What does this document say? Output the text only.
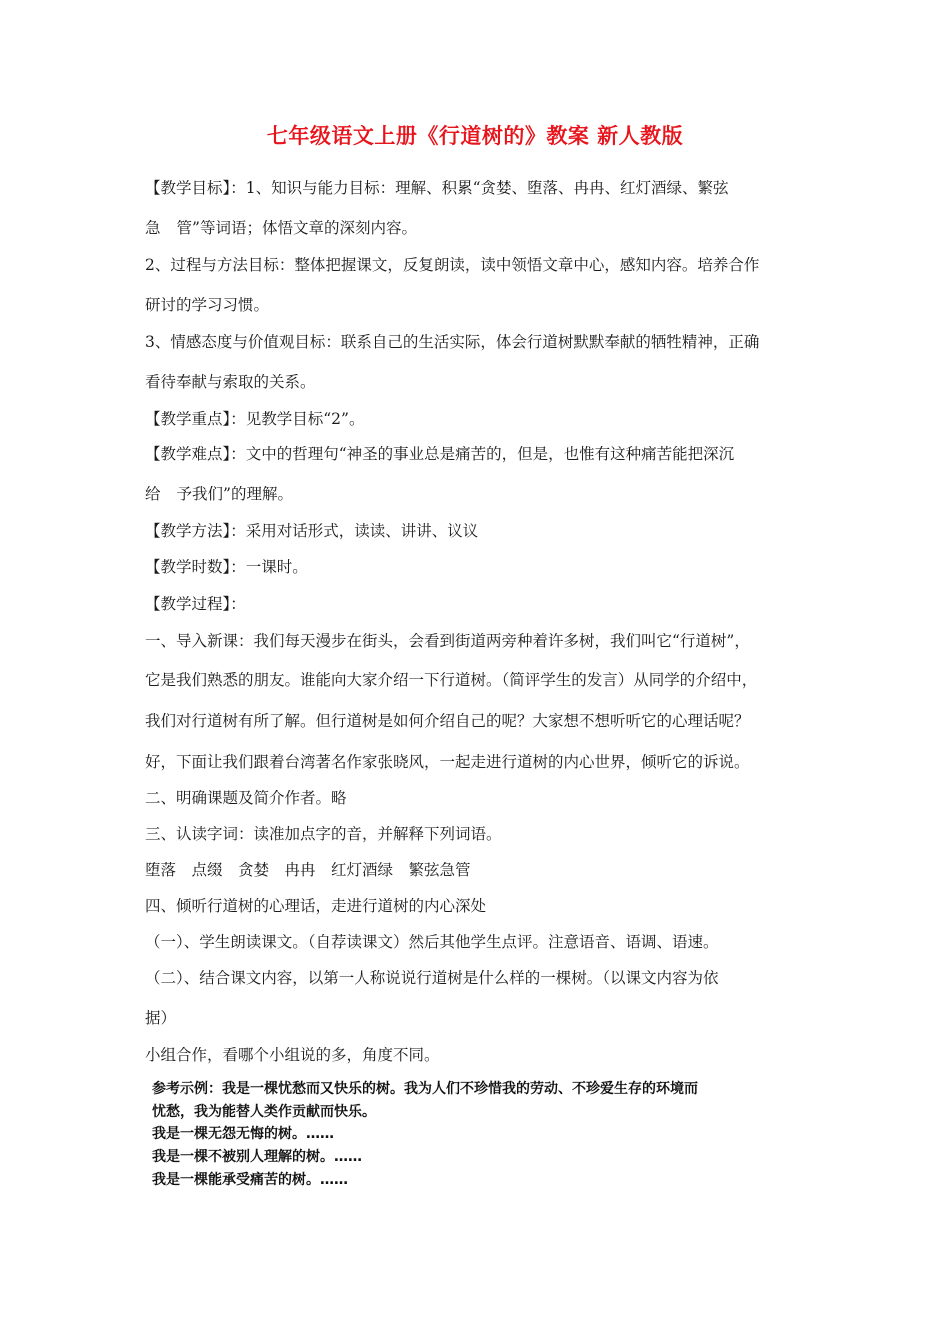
七年级语文上册《行道树的》教案 新人教版
【教学目标】：1、知识与能力目标：理解、积累“贪婪、堕落、冉冉、红灯酒绿、繁弦
急 管”等词语；体悟文章的深刻内容。
2、过程与方法目标：整体把握课文，反复朗读，读中领悟文章中心，感知内容。培养合作
研讨的学习习惯。
3、情感态度与价值观目标：联系自己的生活实际，体会行道树默默奉献的牺牲精神，正确
看待奉献与索取的关系。
【教学重点】：见教学目标“2”。
【教学难点】：文中的哲理句“神圣的事业总是痛苦的，但是，也惟有这种痛苦能把深沉
给 予我们”的理解。
【教学方法】：采用对话形式，读读、讲讲、议议
【教学时数】：一课时。
【教学过程】：
一、导入新课：我们每天漫步在街头，会看到街道两旁种着许多树，我们叫它“行道树”，
它是我们熟悉的朋友。谁能向大家介绍一下行道树。（简评学生的发言）从同学的介绍中，
我们对行道树有所了解。但行道树是如何介绍自己的呢？大家想不想听听它的心理话呢？
好，下面让我们跟着台湾著名作家张晓风，一起走进行道树的内心世界，倾听它的诉说。
二、明确课题及简介作者。略
三、认读字词：读准加点字的音，并解释下列词语。
堕落　点缀　贪婪　冉冉　红灯酒绿　繁弦急管
四、倾听行道树的心理话，走进行道树的内心深处
（一）、学生朗读课文。（自荐读课文）然后其他学生点评。注意语音、语调、语速。
（二）、结合课文内容，以第一人称说说行道树是什么样的一棵树。（以课文内容为依
据）
小组合作，看哪个小组说的多，角度不同。
参考示例：我是一棵忧愁而又快乐的树。我为人们不珍惜我的劳动、不珍爱生存的环境而
忧愁，我为能替人类作贡献而快乐。
我是一棵无怨无悔的树。……
我是一棵不被别人理解的树。……
我是一棵能承受痛苦的树。……
